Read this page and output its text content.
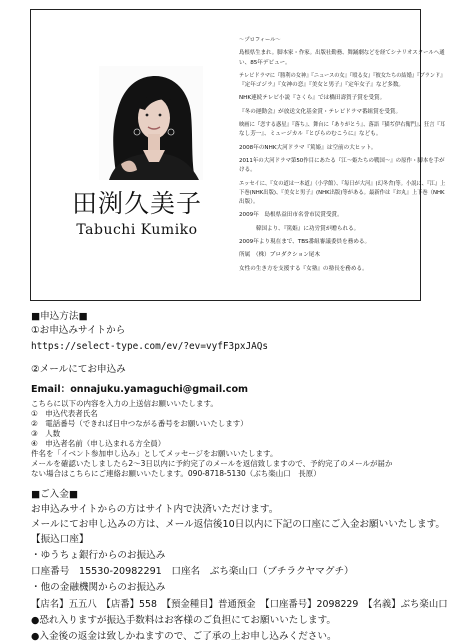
田渕久美子
Tabuchi Kumiko
～プロフィール～
島根県生まれ。脚本家・作家。出版社勤務、舞踊劇などを経てシナリオスクールへ通
い、85年デビュー。
テレビドラマに『勝利の女神』『ニュースの女』『殴る女』『彼女たちの結婚』『ブランド』
『定年ゴジラ』『女神の恋』『美女と男子』『定年女子』など多数。
NHK連続テレビ小説『さくら』では橋田壽賀子賞を受賞。
『冬の運動会』が放送文化基金賞・テレビドラマ番組賞を受賞。
映画に『恋する惑星』『落ち』、舞台に『ありがとう』、落語『猫ぢ伊右衛門』、狂言『耳
なし芳一』、ミュージカル『とびらのむこうに』なども。
2008年のNHK大河ドラマ『篤姫』は空前の大ヒット。
2011年の大河ドラマ第50作目にあたる『江～姫たちの戦国～』の原作・脚本を手が
ける。
エッセイに、『女の道は一本道』（小学館）、『毎日が大河』(幻冬舎)等。小説に、『江』上
下巻(NHK出版)、『美女と男子』(NHK出版)等がある。最新作は『お丸』上下巻（NHK
出版）。
2009年　島根県益田市名誉市民賞受賞。
　　　韓国より、『篤姫』に功労賞が贈られる。
2009年より現在まで、TBS番組審議委員を務める。
所属　（株）プロダクション尾木
女性の生き方を支援する『女塾』の塾長を務める。
■申込方法■
①お申込みサイトから
https://select-type.com/ev/?ev=vyfF3pxJAQs
②メールにてお申込み
Email：onnajuku.yamaguchi@gmail.com
こちらに以下の内容を入力の上送信お願いいたします。
①　申込代表者氏名
②　電話番号（できれば日中つながる番号をお願いいたします）
③　人数
④　申込者名前（申し込まれる方全員）
件名を「イベント参加申し込み」としてメッセージをお願いいたします。
メールを確認いたしましたら2～3日以内に予約完了のメールを返信致しますので、予約完了のメールが届か
ない場合はこちらにご連絡お願いいたします。090-8718-5130（ぶち楽山口　長原）
■ご入金■
お申込みサイトからの方はサイト内で決済いただけます。
メールにてお申し込みの方は、メール返信後10日以内に下記の口座にご入金お願いいたします。
【振込口座】
・ゆうちょ銀行からのお振込み
口座番号　15530-20982291　口座名　ぶち楽山口（ブチラクヤマグチ）
・他の金融機関からのお振込み
【店名】五五八　【店番】558　【預金種目】普通預金　【口座番号】2098229　【名義】ぶち楽山口
●恐れ入りますが振込手数料はお客様のご負担にてお願いいたします。
●入金後の返金は致しかねますので、ご了承の上お申し込みください。
